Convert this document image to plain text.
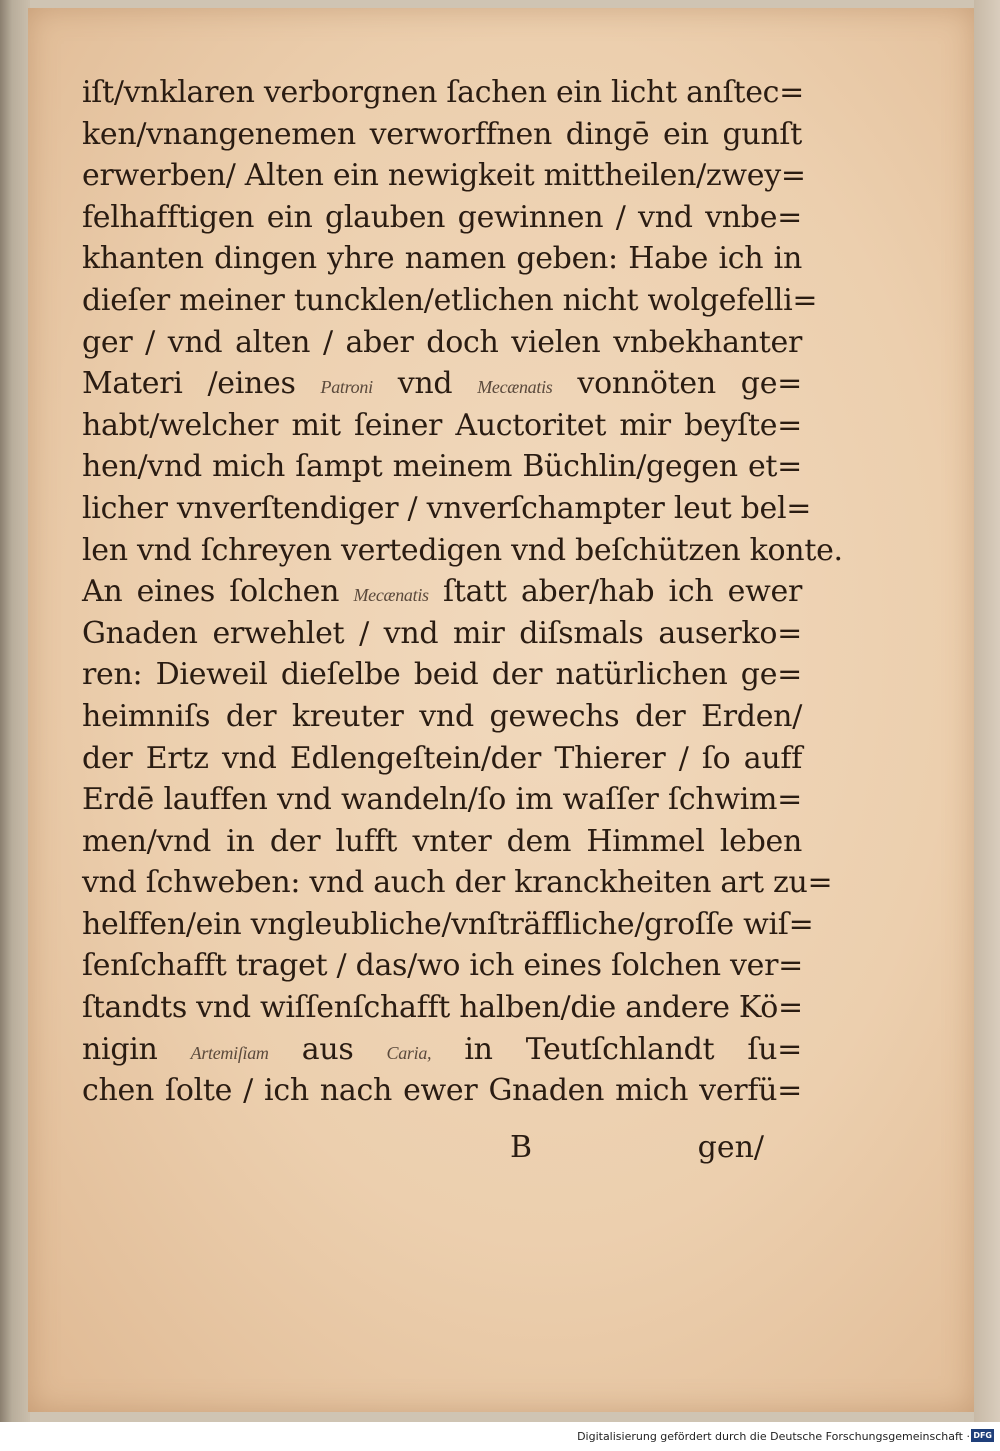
iſt/vnklaren verborgnen ſachen ein licht anſtec=
ken/vnangenemen verworffnen dingē ein gunſt
erwerben/ Alten ein newigkeit mittheilen/zwey=
felhafftigen ein glauben gewinnen / vnd vnbe=
khanten dingen yhre namen geben: Habe ich in
dieſer meiner tuncklen/etlichen nicht wolgefelli=
ger / vnd alten / aber doch vielen vnbekhanter
Materi /eines Patroni vnd Mecænatis vonnöten ge=
habt/welcher mit ſeiner Auctoritet mir beyſte=
hen/vnd mich ſampt meinem Büchlin/gegen et=
licher vnverſtendiger / vnverſchampter leut bel=
len vnd ſchreyen vertedigen vnd beſchützen konte.
An eines ſolchen Mecænatis ſtatt aber/hab ich ewer
Gnaden erwehlet / vnd mir diſsmals auserko=
ren: Dieweil dieſelbe beid der natürlichen ge=
heimniſs der kreuter vnd gewechs der Erden/
der Ertz vnd Edlengeſtein/der Thierer / ſo auff
Erdē lauffen vnd wandeln/ſo im waſſer ſchwim=
men/vnd in der lufft vnter dem Himmel leben
vnd ſchweben: vnd auch der kranckheiten art zu=
helffen/ein vngleubliche/vnſträffliche/groſſe wiſ=
ſenſchafft traget / das/wo ich eines ſolchen ver=
ſtandts vnd wiſſenſchafft halben/die andere Kö=
nigin Artemiſiam aus Caria, in Teutſchlandt ſu=
chen ſolte / ich nach ewer Gnaden mich verfü=
B	gen/
Digitalisierung gefördert durch die Deutsche Forschungsgemeinschaft · DFG
